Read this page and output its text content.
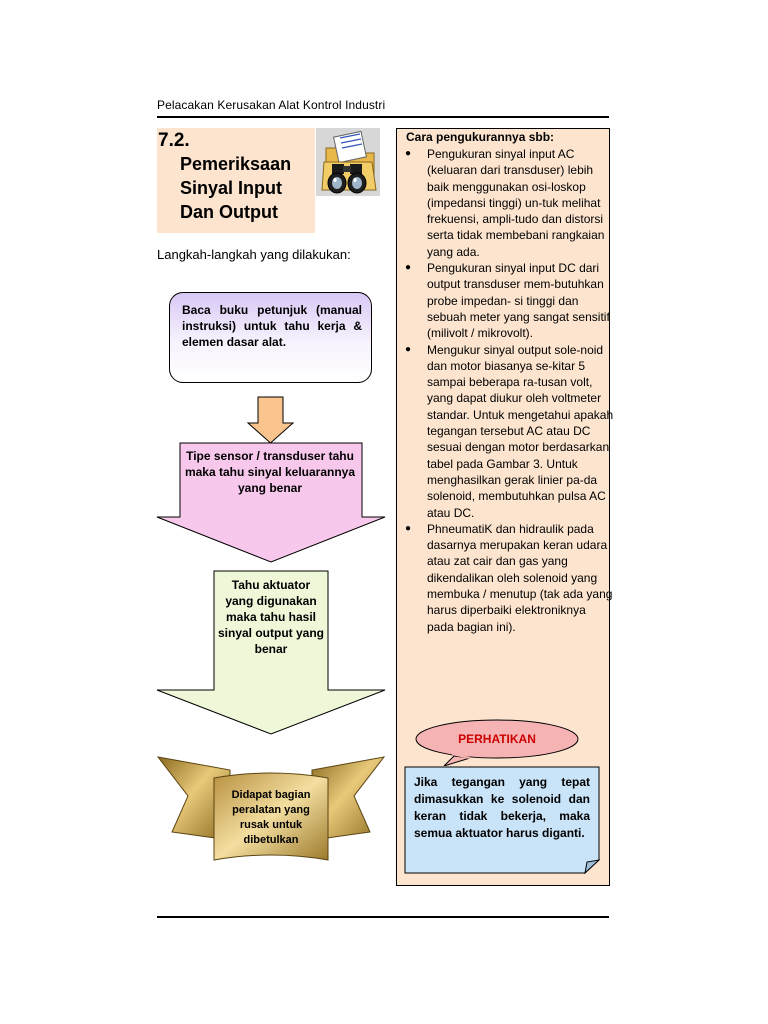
Pelacakan Kerusakan Alat Kontrol Industri
7.2.
Pemeriksaan
Sinyal Input
Dan Output
Langkah-langkah yang dilakukan:
Baca buku petunjuk (manual instruksi) untuk tahu kerja & elemen dasar alat.
Tipe sensor / transduser tahu maka tahu sinyal keluarannya yang benar
Tahu aktuator yang digunakan maka tahu hasil sinyal output yang benar
Didapat bagian peralatan yang rusak untuk dibetulkan
Cara pengukurannya sbb:
● Pengukuran sinyal input AC (keluaran dari transduser) lebih baik menggunakan osi-loskop (impedansi tinggi) un-tuk melihat frekuensi, ampli-tudo dan distorsi serta tidak membebani rangkaian yang ada.
● Pengukuran sinyal input DC dari output transduser mem-butuhkan probe impedan- si tinggi dan sebuah meter yang sangat sensitif (milivolt / mikrovolt).
● Mengukur sinyal output sole-noid dan motor biasanya se-kitar 5 sampai beberapa ra-tusan volt, yang dapat diukur oleh voltmeter standar. Untuk mengetahui apakah tegangan tersebut AC atau DC sesuai dengan motor berdasarkan tabel pada Gambar 3. Untuk menghasilkan gerak linier pa-da solenoid, membutuhkan pulsa AC atau DC.
● PhneumatiK dan hidraulik pada dasarnya merupakan keran udara atau zat cair dan gas yang dikendalikan oleh solenoid yang membuka / menutup (tak ada yang harus diperbaiki elektroniknya pada bagian ini).
PERHATIKAN
Jika tegangan yang tepat dimasukkan ke solenoid dan keran tidak bekerja, maka semua aktuator harus diganti.
